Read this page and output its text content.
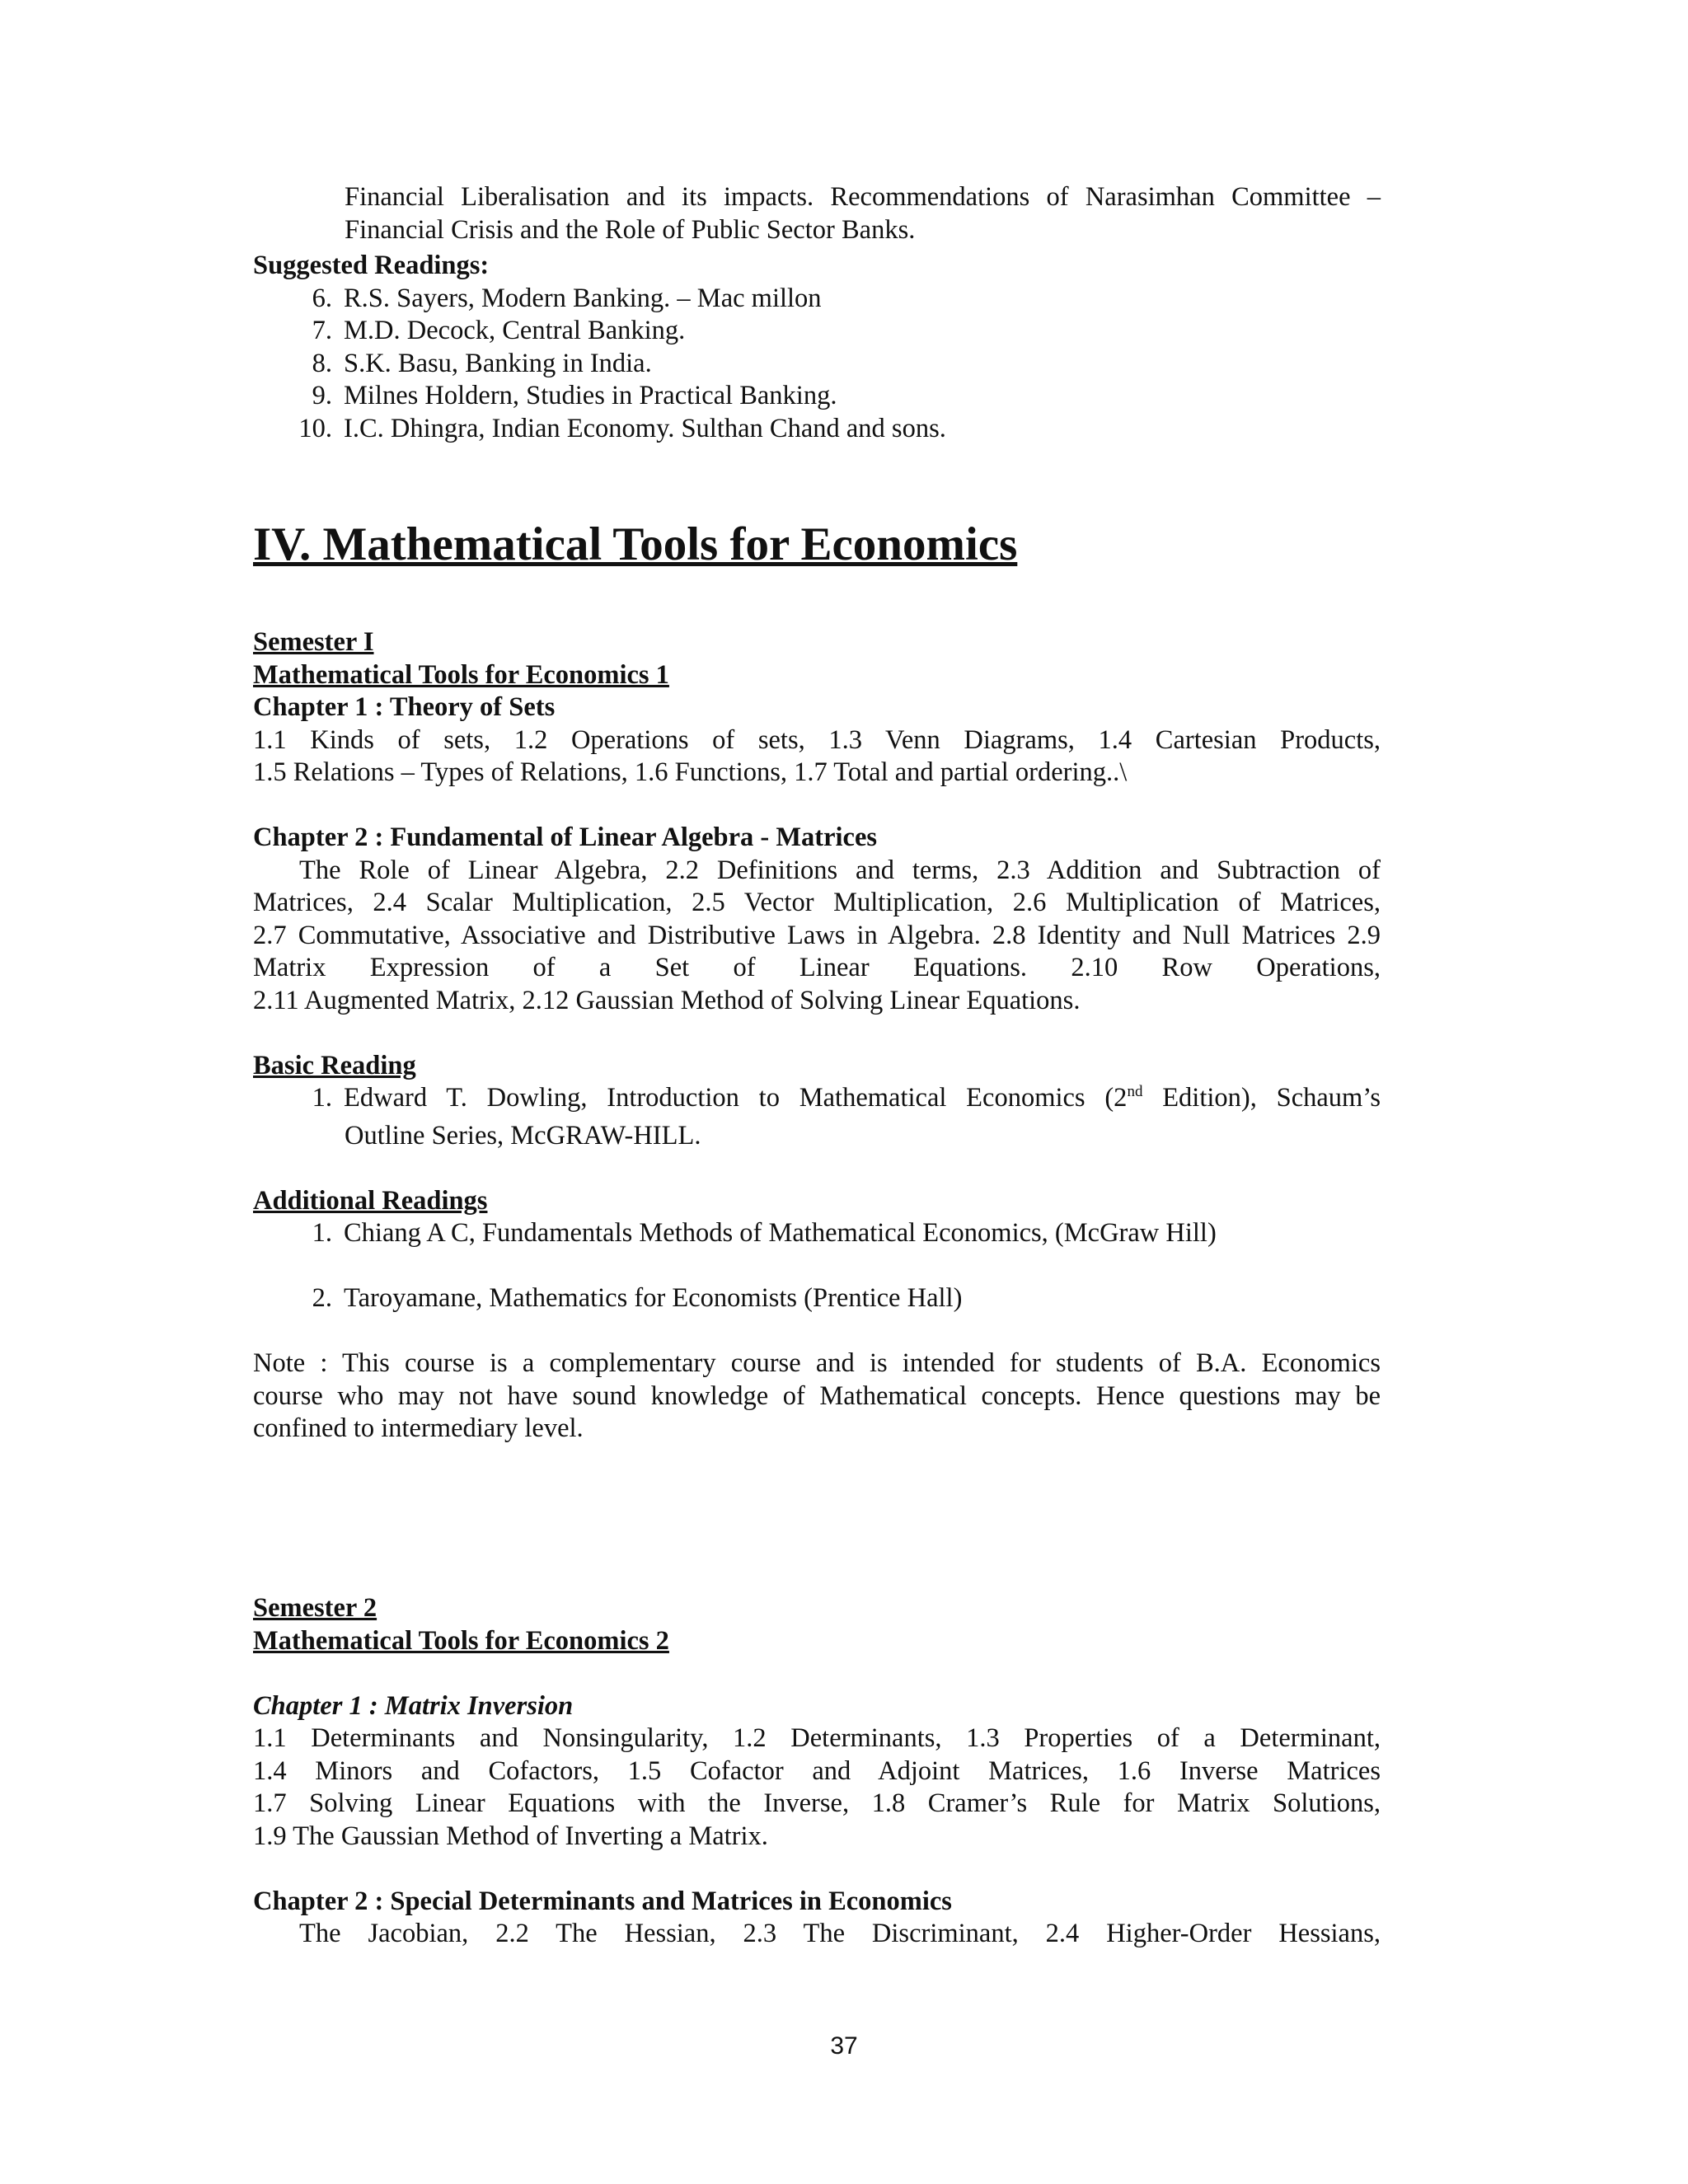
Financial Liberalisation and its impacts. Recommendations of Narasimhan Committee –
Financial Crisis and the Role of Public Sector Banks.
Suggested Readings:
6. R.S. Sayers, Modern Banking. – Mac millon
7. M.D. Decock, Central Banking.
8. S.K. Basu, Banking in India.
9. Milnes Holdern, Studies in Practical Banking.
10. I.C. Dhingra, Indian Economy. Sulthan Chand and sons.
IV. Mathematical Tools for Economics
Semester I
Mathematical Tools for Economics 1
Chapter 1 : Theory of Sets
1.1 Kinds of sets, 1.2 Operations of sets, 1.3 Venn Diagrams, 1.4 Cartesian Products,
1.5 Relations – Types of Relations, 1.6 Functions, 1.7 Total and partial ordering..\
Chapter 2 : Fundamental of Linear Algebra - Matrices
The Role of Linear Algebra, 2.2 Definitions and terms, 2.3 Addition and Subtraction of
Matrices, 2.4 Scalar Multiplication, 2.5 Vector Multiplication, 2.6 Multiplication of Matrices,
2.7 Commutative, Associative and Distributive Laws in Algebra. 2.8 Identity and Null Matrices 2.9
Matrix Expression of a Set of Linear Equations. 2.10 Row Operations,
2.11 Augmented Matrix, 2.12 Gaussian Method of Solving Linear Equations.
Basic Reading
1. Edward T. Dowling, Introduction to Mathematical Economics (2nd Edition), Schaum’s
Outline Series, McGRAW-HILL.
Additional Readings
1. Chiang A C, Fundamentals Methods of Mathematical Economics, (McGraw Hill)
2. Taroyamane, Mathematics for Economists (Prentice Hall)
Note : This course is a complementary course and is intended for students of B.A. Economics
course who may not have sound knowledge of Mathematical concepts. Hence questions may be
confined to intermediary level.
Semester 2
Mathematical Tools for Economics 2
Chapter 1 : Matrix Inversion
1.1 Determinants and Nonsingularity, 1.2 Determinants, 1.3 Properties of a Determinant,
1.4 Minors and Cofactors, 1.5 Cofactor and Adjoint Matrices, 1.6 Inverse Matrices
1.7 Solving Linear Equations with the Inverse, 1.8 Cramer’s Rule for Matrix Solutions,
1.9 The Gaussian Method of Inverting a Matrix.
Chapter 2 : Special Determinants and Matrices in Economics
The Jacobian, 2.2 The Hessian, 2.3 The Discriminant, 2.4 Higher-Order Hessians,
37
